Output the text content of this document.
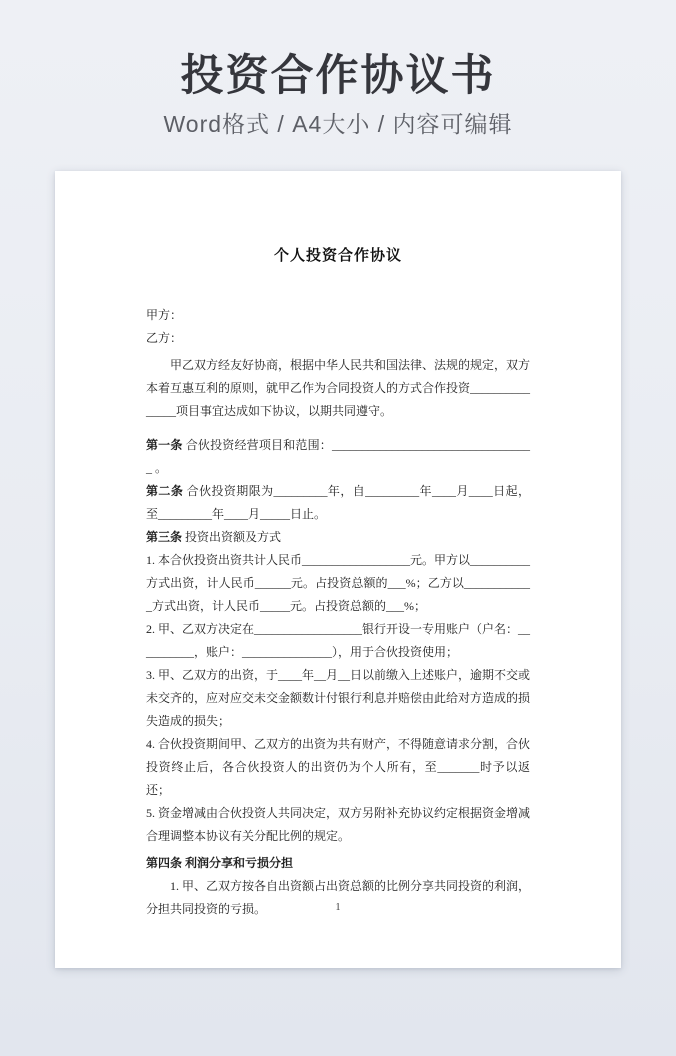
投资合作协议书

Word格式 / A4大小 / 内容可编辑

个人投资合作协议

甲方：

乙方：

甲乙双方经友好协商，根据中华人民共和国法律、法规的规定，双方本着互惠互利的原则，就甲乙作为合同投资人的方式合作投资_______________项目事宜达成如下协议，以期共同遵守。

第一条 合伙投资经营项目和范围：__________________________________ 。

第二条 合伙投资期限为_________年，自_________年____月____日起，至_________年____月_____日止。

第三条 投资出资额及方式

1. 本合伙投资出资共计人民币__________________元。甲方以__________方式出资，计人民币______元。占投资总额的___%；乙方以____________方式出资，计人民币_____元。占投资总额的___%；

2. 甲、乙双方决定在__________________银行开设一专用账户（户名：__________，账户：_______________），用于合伙投资使用；

3. 甲、乙双方的出资，于____年__月__日以前缴入上述账户，逾期不交或未交齐的，应对应交未交金额数计付银行利息并赔偿由此给对方造成的损失造成的损失；

4. 合伙投资期间甲、乙双方的出资为共有财产，不得随意请求分割，合伙投资终止后，各合伙投资人的出资仍为个人所有，至_______时予以返还；

5. 资金增减由合伙投资人共同决定，双方另附补充协议约定根据资金增减合理调整本协议有关分配比例的规定。

第四条 利润分享和亏损分担

1. 甲、乙双方按各自出资额占出资总额的比例分享共同投资的利润，分担共同投资的亏损。	1
